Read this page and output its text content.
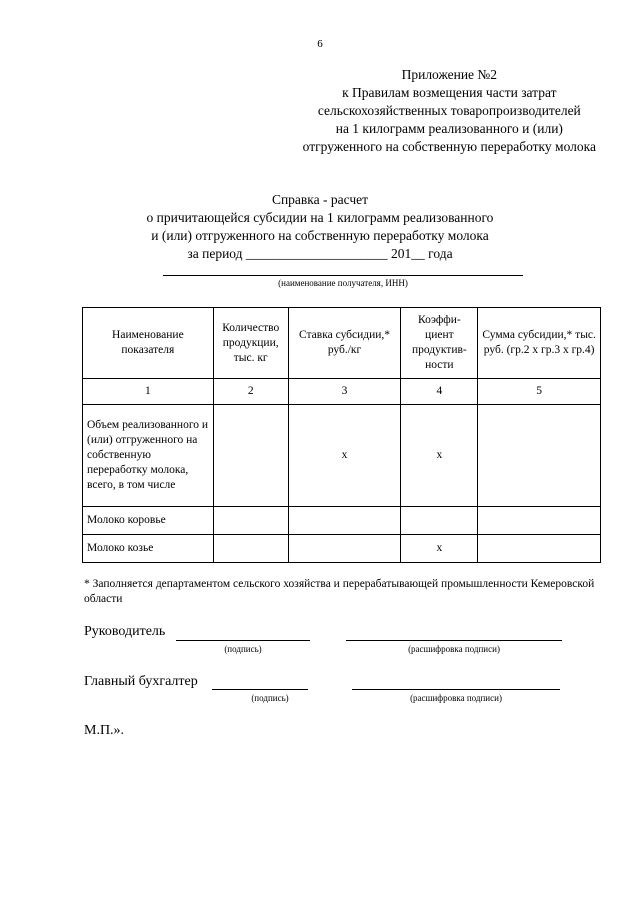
6
Приложение №2
к Правилам возмещения части затрат
сельскохозяйственных товаропроизводителей
на 1 килограмм реализованного и (или)
отгруженного на собственную переработку молока
Справка - расчет
о причитающейся субсидии на 1 килограмм реализованного
и (или) отгруженного на собственную переработку молока
за период _____________________ 201__ года
(наименование получателя, ИНН)
Наименование показателя	Количество продукции, тыс. кг	Ставка субсидии,* руб./кг	Коэффи-циент продуктив-ности	Сумма субсидии,* тыс. руб. (гр.2 х гр.3 х гр.4)
1	2	3	4	5
Объем реализованного и (или) отгруженного на собственную переработку молока, всего, в том числе		x	x	
Молоко коровье				
Молоко козье			x	
* Заполняется департаментом сельского хозяйства и перерабатывающей промышленности Кемеровской области
Руководитель
(подпись)	(расшифровка подписи)
Главный бухгалтер
(подпись)	(расшифровка подписи)
М.П.».
